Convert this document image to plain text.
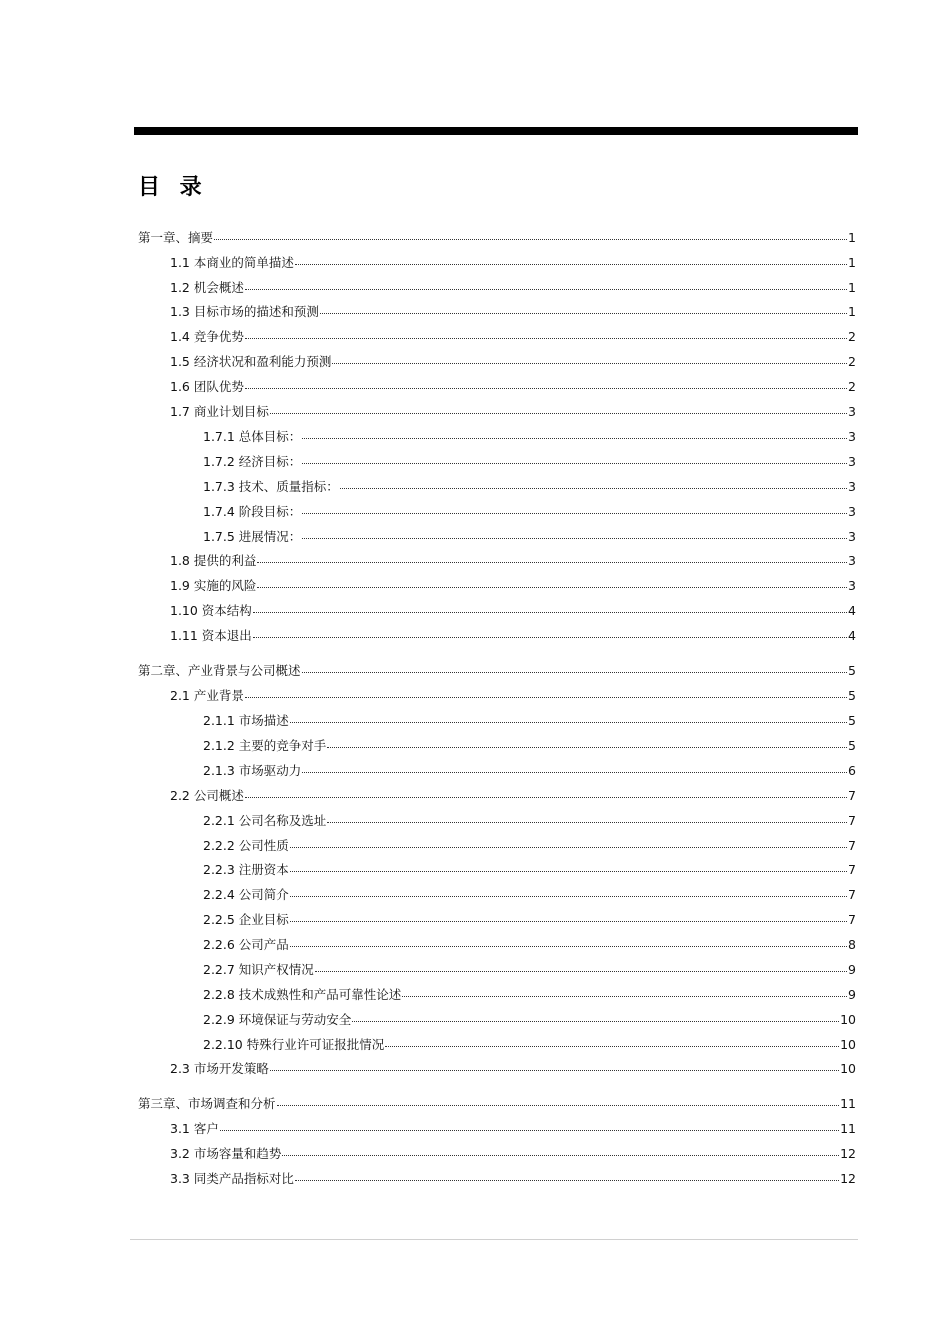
目 录
第一章、摘要	1
1.1 本商业的简单描述	1
1.2 机会概述	1
1.3 目标市场的描述和预测	1
1.4 竞争优势	2
1.5 经济状况和盈利能力预测	2
1.6 团队优势	2
1.7 商业计划目标	3
1.7.1 总体目标：	3
1.7.2 经济目标：	3
1.7.3 技术、质量指标：	3
1.7.4 阶段目标：	3
1.7.5 进展情况：	3
1.8 提供的利益	3
1.9 实施的风险	3
1.10 资本结构	4
1.11 资本退出	4
第二章、产业背景与公司概述	5
2.1 产业背景	5
2.1.1 市场描述	5
2.1.2 主要的竞争对手	5
2.1.3 市场驱动力	6
2.2 公司概述	7
2.2.1 公司名称及选址	7
2.2.2 公司性质	7
2.2.3 注册资本	7
2.2.4 公司简介	7
2.2.5 企业目标	7
2.2.6 公司产品	8
2.2.7 知识产权情况	9
2.2.8 技术成熟性和产品可靠性论述	9
2.2.9 环境保证与劳动安全	10
2.2.10 特殊行业许可证报批情况	10
2.3 市场开发策略	10
第三章、市场调查和分析	11
3.1 客户	11
3.2 市场容量和趋势	12
3.3 同类产品指标对比	12
